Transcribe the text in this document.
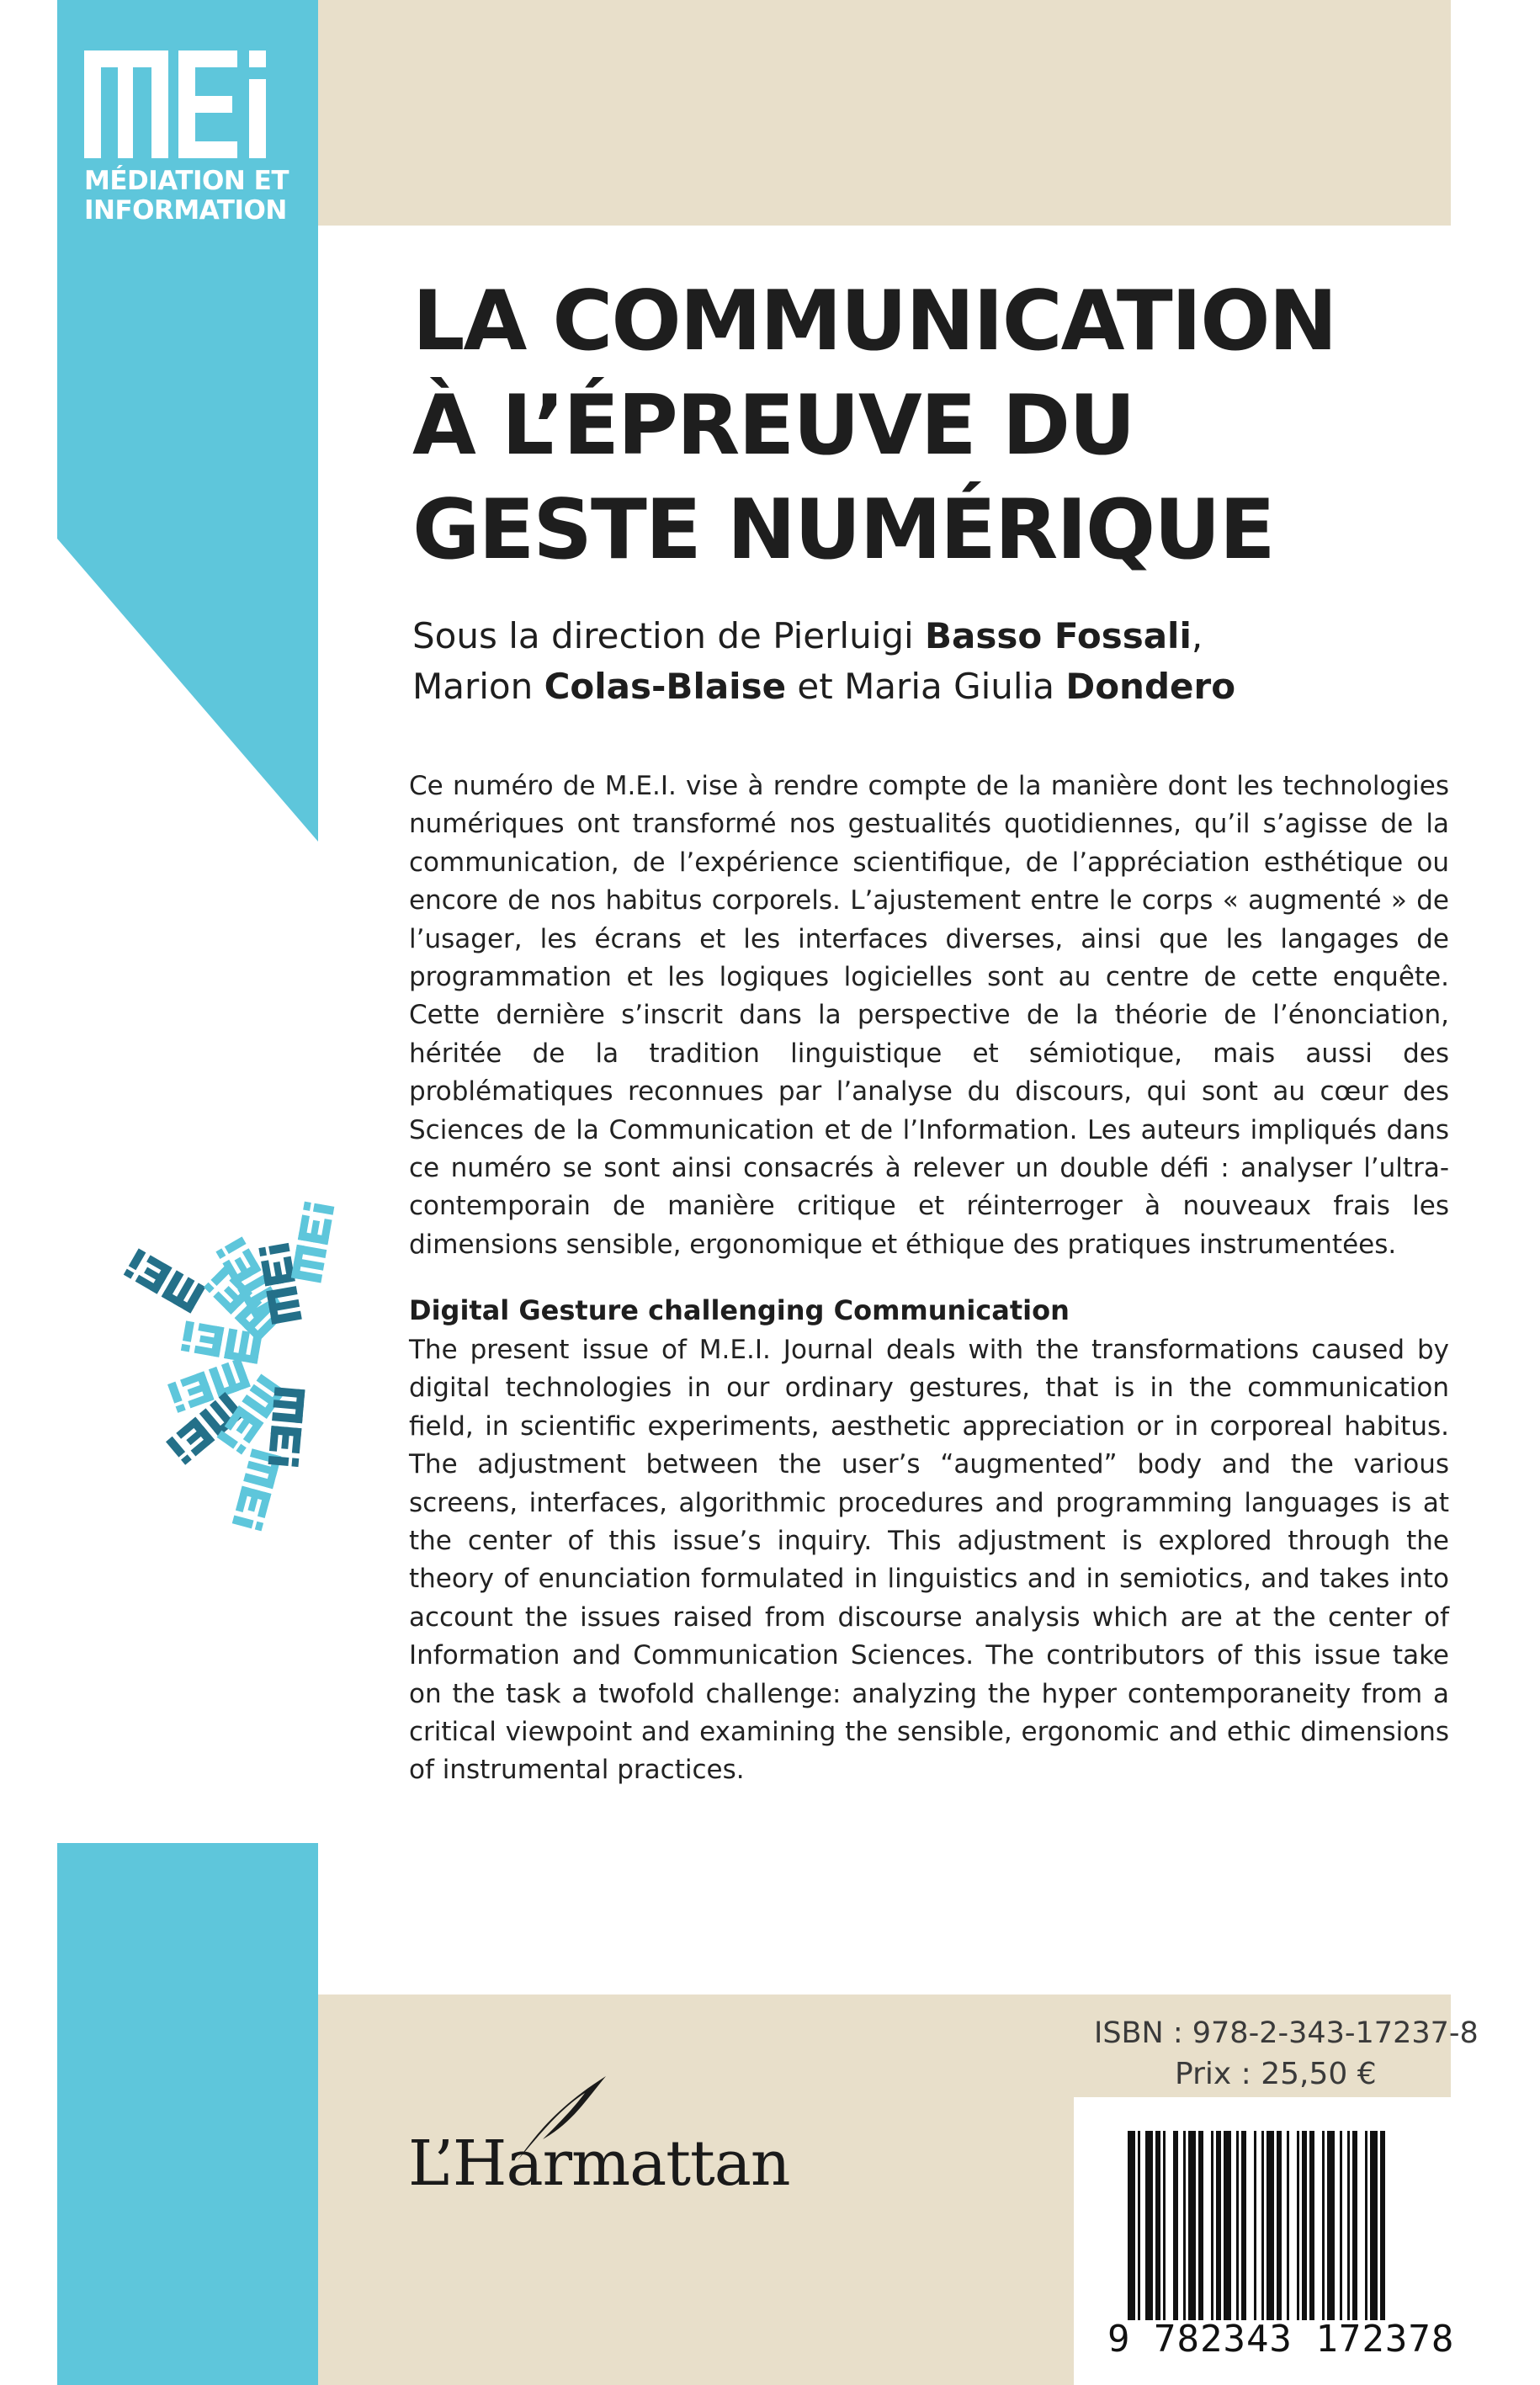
MÉDIATION ET
INFORMATION
LA COMMUNICATION
À L’ÉPREUVE DU
GESTE NUMÉRIQUE
Sous la direction de Pierluigi Basso Fossali,
Marion Colas-Blaise et Maria Giulia Dondero

Ce numéro de M.E.I. vise à rendre compte de la manière dont les technologies numériques ont transformé nos gestualités quotidiennes, qu’il s’agisse de la communication, de l’expérience scientifique, de l’appréciation esthétique ou encore de nos habitus corporels. L’ajustement entre le corps « augmenté » de l’usager, les écrans et les interfaces diverses, ainsi que les langages de programmation et les logiques logicielles sont au centre de cette enquête. Cette dernière s’inscrit dans la perspective de la théorie de l’énonciation, héritée de la tradition linguistique et sémiotique, mais aussi des problématiques reconnues par l’analyse du discours, qui sont au cœur des Sciences de la Communication et de l’Information. Les auteurs impliqués dans ce numéro se sont ainsi consacrés à relever un double défi : analyser l’ultra-contemporain de manière critique et réinterroger à nouveaux frais les dimensions sensible, ergonomique et éthique des pratiques instrumentées.

Digital Gesture challenging Communication

The present issue of M.E.I. Journal deals with the transformations caused by digital technologies in our ordinary gestures, that is in the communication field, in scientific experiments, aesthetic appreciation or in corporeal habitus. The adjustment between the user’s “augmented” body and the various screens, interfaces, algorithmic procedures and programming languages is at the center of this issue’s inquiry. This adjustment is explored through the theory of enunciation formulated in linguistics and in semiotics, and takes into account the issues raised from discourse analysis which are at the center of Information and Communication Sciences. The contributors of this issue take on the task a twofold challenge: analyzing the hyper contemporaneity from a critical viewpoint and examining the sensible, ergonomic and ethic dimensions of instrumental practices.

L’Harmattan
ISBN : 978-2-343-17237-8
Prix : 25,50 €
9 782343 172378
